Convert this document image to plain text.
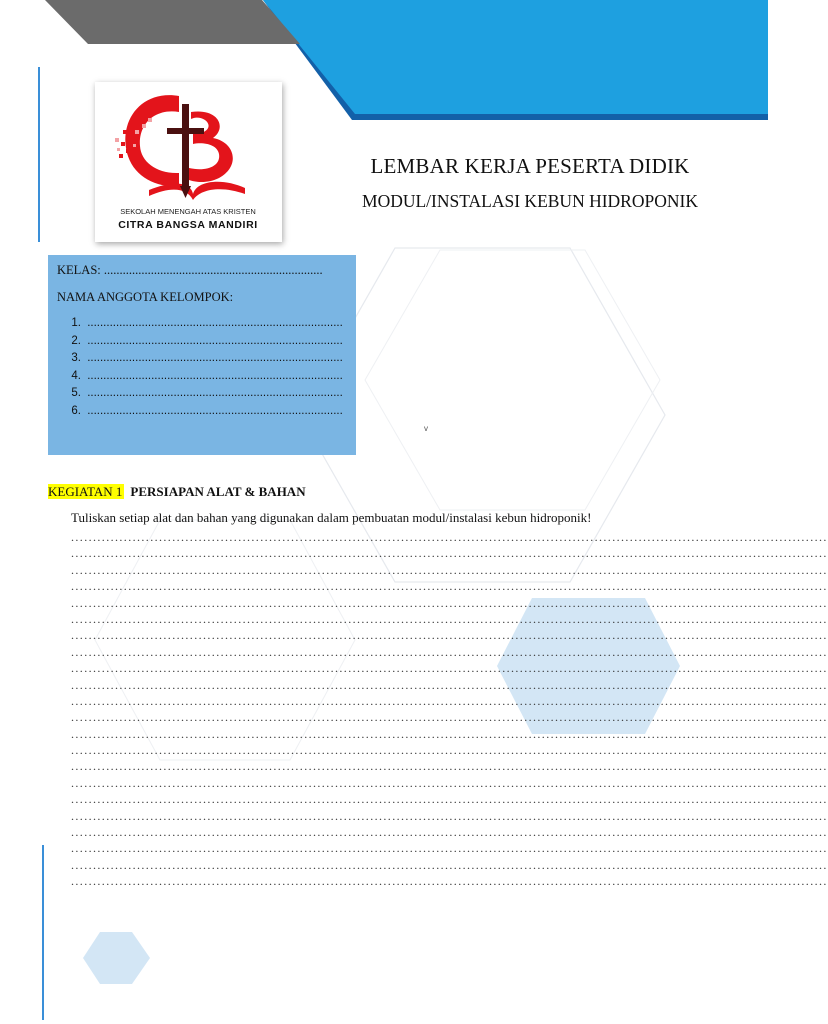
SEKOLAH MENENGAH ATAS KRISTEN
CITRA BANGSA MANDIRI
LEMBAR KERJA PESERTA DIDIK
MODUL/INSTALASI KEBUN HIDROPONIK

KELAS: ......................................................................

NAMA ANGGOTA KELOMPOK:

1. ................................................................................
2. ................................................................................
3. ................................................................................
4. ................................................................................
5. ................................................................................
6. ................................................................................
v
KEGIATAN 1 PERSIAPAN ALAT & BAHAN
Tuliskan setiap alat dan bahan yang digunakan dalam pembuatan modul/instalasi kebun hidroponik!
............................................................................................................................................................................
............................................................................................................................................................................
............................................................................................................................................................................
............................................................................................................................................................................
............................................................................................................................................................................
............................................................................................................................................................................
............................................................................................................................................................................
............................................................................................................................................................................
............................................................................................................................................................................
............................................................................................................................................................................
............................................................................................................................................................................
............................................................................................................................................................................
............................................................................................................................................................................
............................................................................................................................................................................
............................................................................................................................................................................
............................................................................................................................................................................
............................................................................................................................................................................
............................................................................................................................................................................
............................................................................................................................................................................
............................................................................................................................................................................
............................................................................................................................................................................
............................................................................................................................................................................
